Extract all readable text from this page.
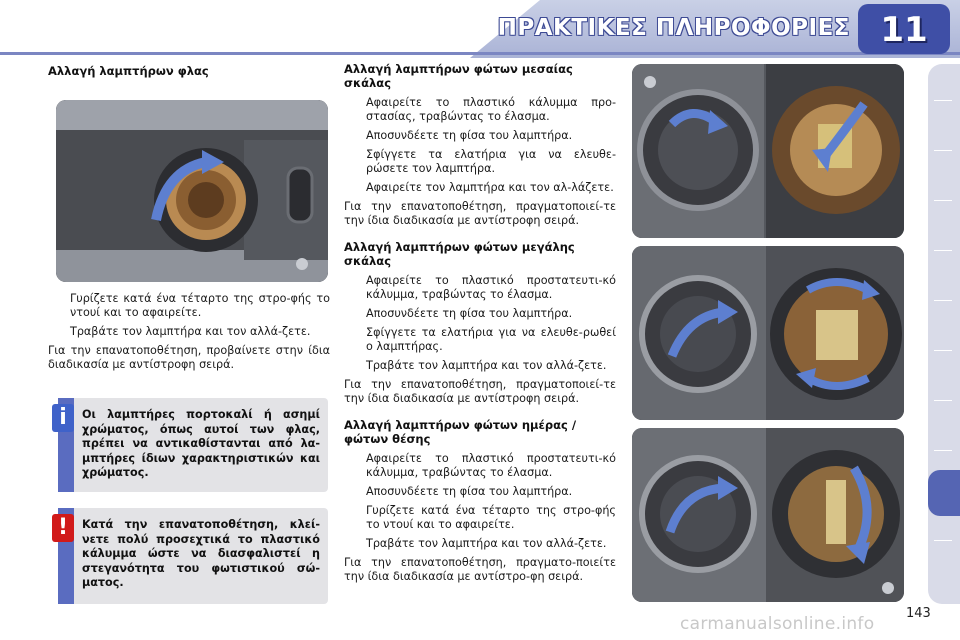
ΠΡΑΚΤΙΚΕΣ ΠΛΗΡΟΦΟΡΙΕΣ 11
Αλλαγή λαμπτήρων φλας
Γυρίζετε κατά ένα τέταρτο της στρο-φής το ντουί και το αφαιρείτε.
Τραβάτε τον λαμπτήρα και τον αλλά-ζετε.
Για την επανατοποθέτηση, προβαίνετε στην ίδια διαδικασία με αντίστροφη σειρά.
i	Οι λαμπτήρες πορτοκαλί ή ασημί χρώματος, όπως αυτοί των φλας, πρέπει να αντικαθίστανται από λα-μπτήρες ίδιων χαρακτηριστικών και χρώματος.
!	Κατά την επανατοποθέτηση, κλεί-νετε πολύ προσεχτικά το πλαστικό κάλυμμα ώστε να διασφαλιστεί η στεγανότητα του φωτιστικού σώ-ματος.
Αλλαγή λαμπτήρων φώτων μεσαίας σκάλας
Αφαιρείτε το πλαστικό κάλυμμα προ-στασίας, τραβώντας το έλασμα.
Αποσυνδέετε τη φίσα του λαμπτήρα.
Σφίγγετε τα ελατήρια για να ελευθε-ρώσετε τον λαμπτήρα.
Αφαιρείτε τον λαμπτήρα και τον αλ-λάζετε.
Για την επανατοποθέτηση, πραγματοποιεί-τε την ίδια διαδικασία με αντίστροφη σειρά.
Αλλαγή λαμπτήρων φώτων μεγάλης σκάλας
Αφαιρείτε το πλαστικό προστατευτι-κό κάλυμμα, τραβώντας το έλασμα.
Αποσυνδέετε τη φίσα του λαμπτήρα.
Σφίγγετε τα ελατήρια για να ελευθε-ρωθεί ο λαμπτήρας.
Τραβάτε τον λαμπτήρα και τον αλλά-ζετε.
Για την επανατοποθέτηση, πραγματοποιεί-τε την ίδια διαδικασία με αντίστροφη σειρά.
Αλλαγή λαμπτήρων φώτων ημέρας / φώτων θέσης
Αφαιρείτε το πλαστικό προστατευτι-κό κάλυμμα, τραβώντας το έλασμα.
Αποσυνδέετε τη φίσα του λαμπτήρα.
Γυρίζετε κατά ένα τέταρτο της στρο-φής το ντουί και το αφαιρείτε.
Τραβάτε τον λαμπτήρα και τον αλλά-ζετε.
Για την επανατοποθέτηση, πραγματο-ποιείτε την ίδια διαδικασία με αντίστρο-φη σειρά.
143
carmanualsonline.info
